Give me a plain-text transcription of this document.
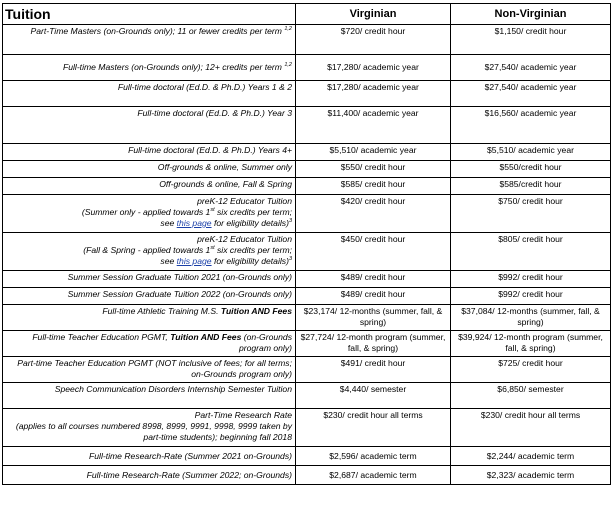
Tuition	Virginian	Non-Virginian
Part-Time Masters (on-Grounds only); 11 or fewer credits per term $^{1,2}$	$720/ credit hour	$1,150/ credit hour
Full-time Masters (on-Grounds only); 12+ credits per term $^{1,2}$	$17,280/ academic year	$27,540/ academic year
Full-time doctoral (Ed.D. & Ph.D.) Years 1 & 2	$17,280/ academic year	$27,540/ academic year
Full-time doctoral (Ed.D. & Ph.D.) Year 3	$11,400/ academic year	$16,560/ academic year
Full-time doctoral (Ed.D. & Ph.D.) Years 4+	$5,510/ academic year	$5,510/ academic year
Off-grounds & online, Summer only	$550/ credit hour	$550/credit hour
Off-grounds & online, Fall & Spring	$585/ credit hour	$585/credit hour
preK-12 Educator Tuition
(Summer only - applied towards 1st six credits per term;
see this page for eligibility details)$^3$	$420/ credit hour	$750/ credit hour
preK-12 Educator Tuition
(Fall & Spring - applied towards 1st six credits per term;
see this page for eligibility details)$^3$	$450/ credit hour	$805/ credit hour
Summer Session Graduate Tuition 2021 (on-Grounds only)	$489/ credit hour	$992/ credit hour
Summer Session Graduate Tuition 2022 (on-Grounds only)	$489/ credit hour	$992/ credit hour
Full-time Athletic Training M.S. Tuition AND Fees	$23,174/ 12-months (summer, fall, & spring)	$37,084/ 12-months (summer, fall, & spring)
Full-time Teacher Education PGMT, Tuition AND Fees (on-Grounds program only)	$27,724/ 12-month program (summer, fall, & spring)	$39,924/ 12-month program (summer, fall, & spring)
Part-time Teacher Education PGMT (NOT inclusive of fees; for all terms; on-Grounds program only)	$491/ credit hour	$725/ credit hour
Speech Communication Disorders Internship Semester Tuition	$4,440/ semester	$6,850/ semester
Part-Time Research Rate
(applies to all courses numbered 8998, 8999, 9991, 9998, 9999 taken by part-time students); beginning fall 2018	$230/ credit hour all terms	$230/ credit hour all terms
Full-time Research-Rate (Summer 2021 on-Grounds)	$2,596/ academic term	$2,244/ academic term
Full-time Research-Rate (Summer 2022; on-Grounds)	$2,687/ academic term	$2,323/ academic term
